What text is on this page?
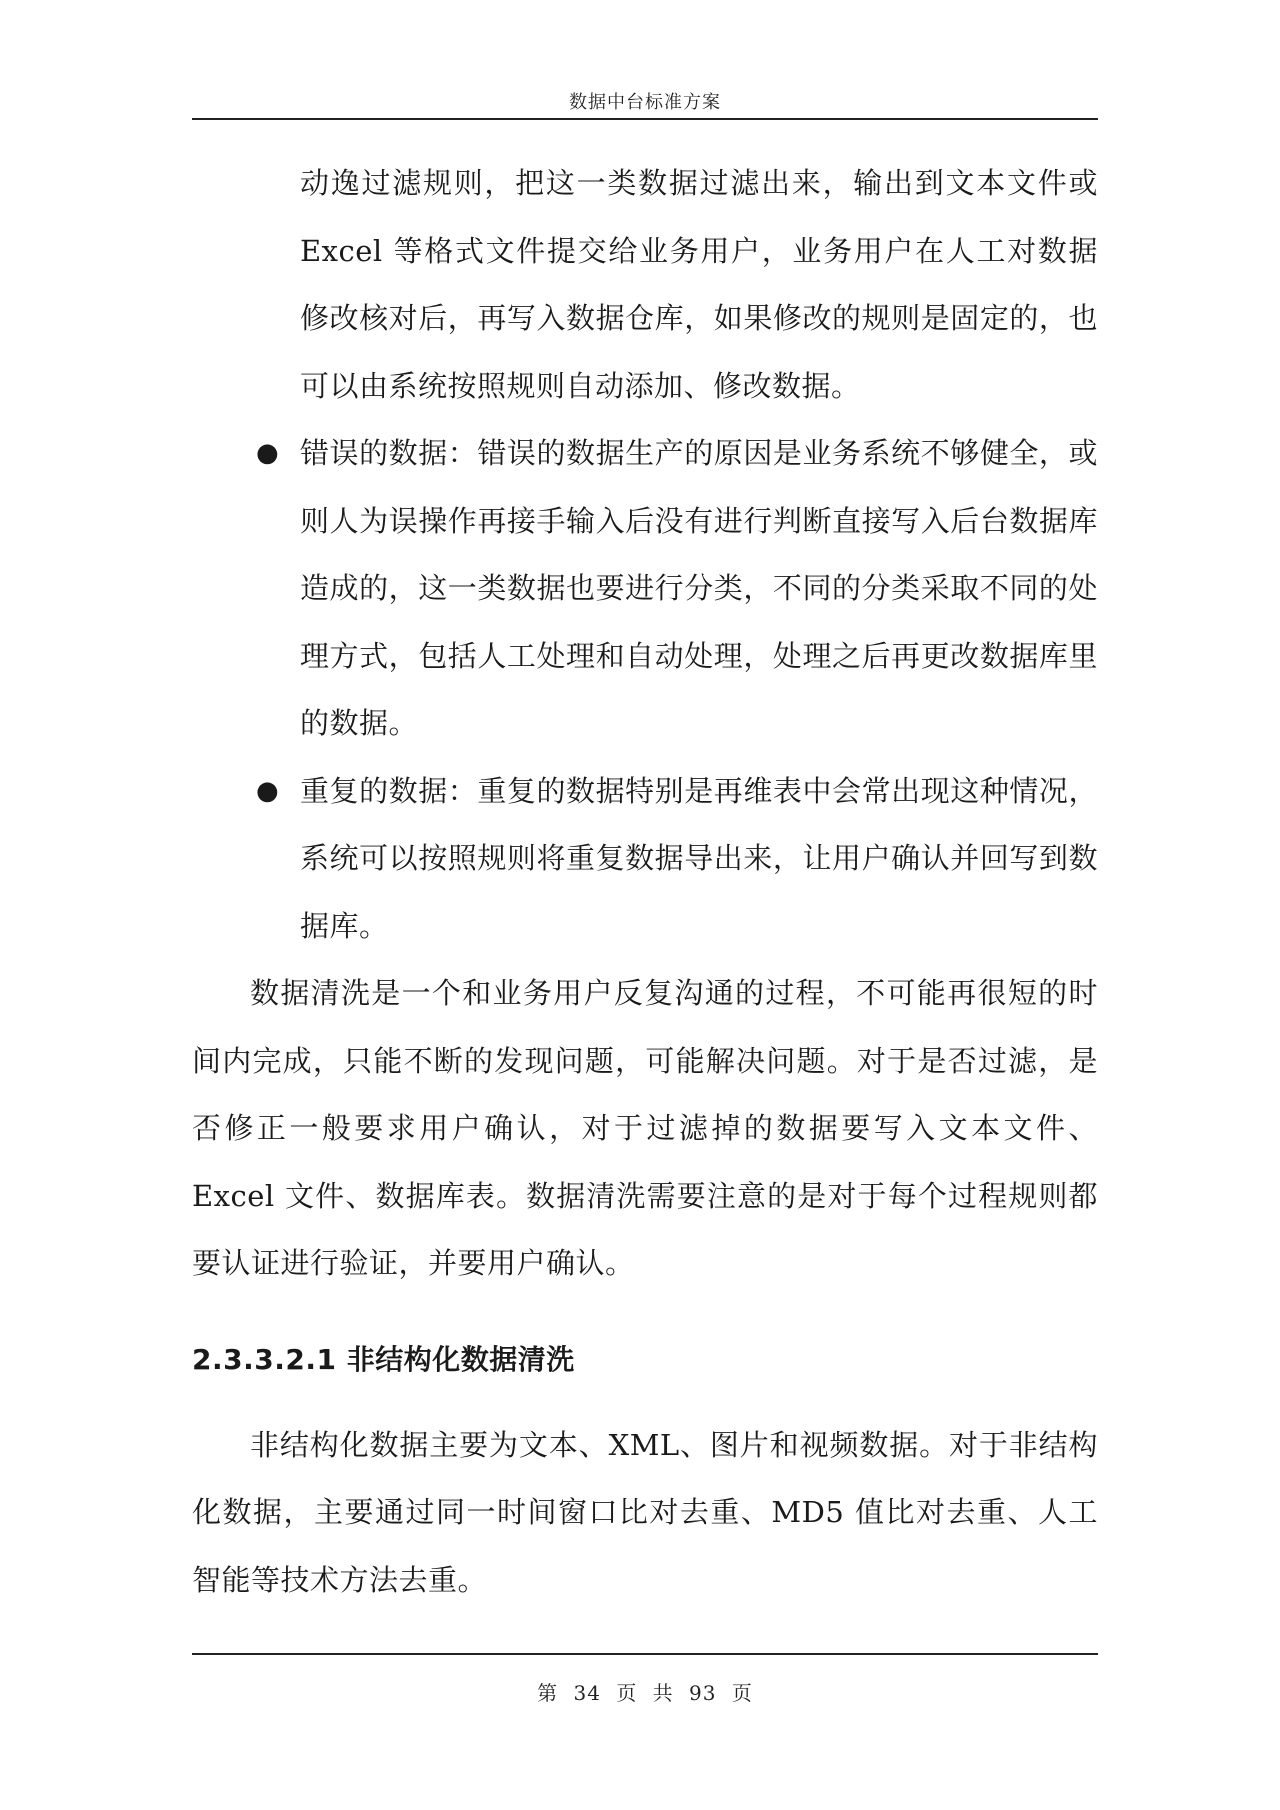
数据中台标准方案

动逸过滤规则，把这一类数据过滤出来，输出到文本文件或Excel 等格式文件提交给业务用户，业务用户在人工对数据修改核对后，再写入数据仓库，如果修改的规则是固定的，也可以由系统按照规则自动添加、修改数据。

● 错误的数据：错误的数据生产的原因是业务系统不够健全，或则人为误操作再接手输入后没有进行判断直接写入后台数据库造成的，这一类数据也要进行分类，不同的分类采取不同的处理方式，包括人工处理和自动处理，处理之后再更改数据库里的数据。

● 重复的数据：重复的数据特别是再维表中会常出现这种情况，系统可以按照规则将重复数据导出来，让用户确认并回写到数据库。

数据清洗是一个和业务用户反复沟通的过程，不可能再很短的时间内完成，只能不断的发现问题，可能解决问题。对于是否过滤，是否修正一般要求用户确认，对于过滤掉的数据要写入文本文件、Excel 文件、数据库表。数据清洗需要注意的是对于每个过程规则都要认证进行验证，并要用户确认。

2.3.3.2.1 非结构化数据清洗

非结构化数据主要为文本、XML、图片和视频数据。对于非结构化数据，主要通过同一时间窗口比对去重、MD5 值比对去重、人工智能等技术方法去重。

第 34 页 共 93 页
